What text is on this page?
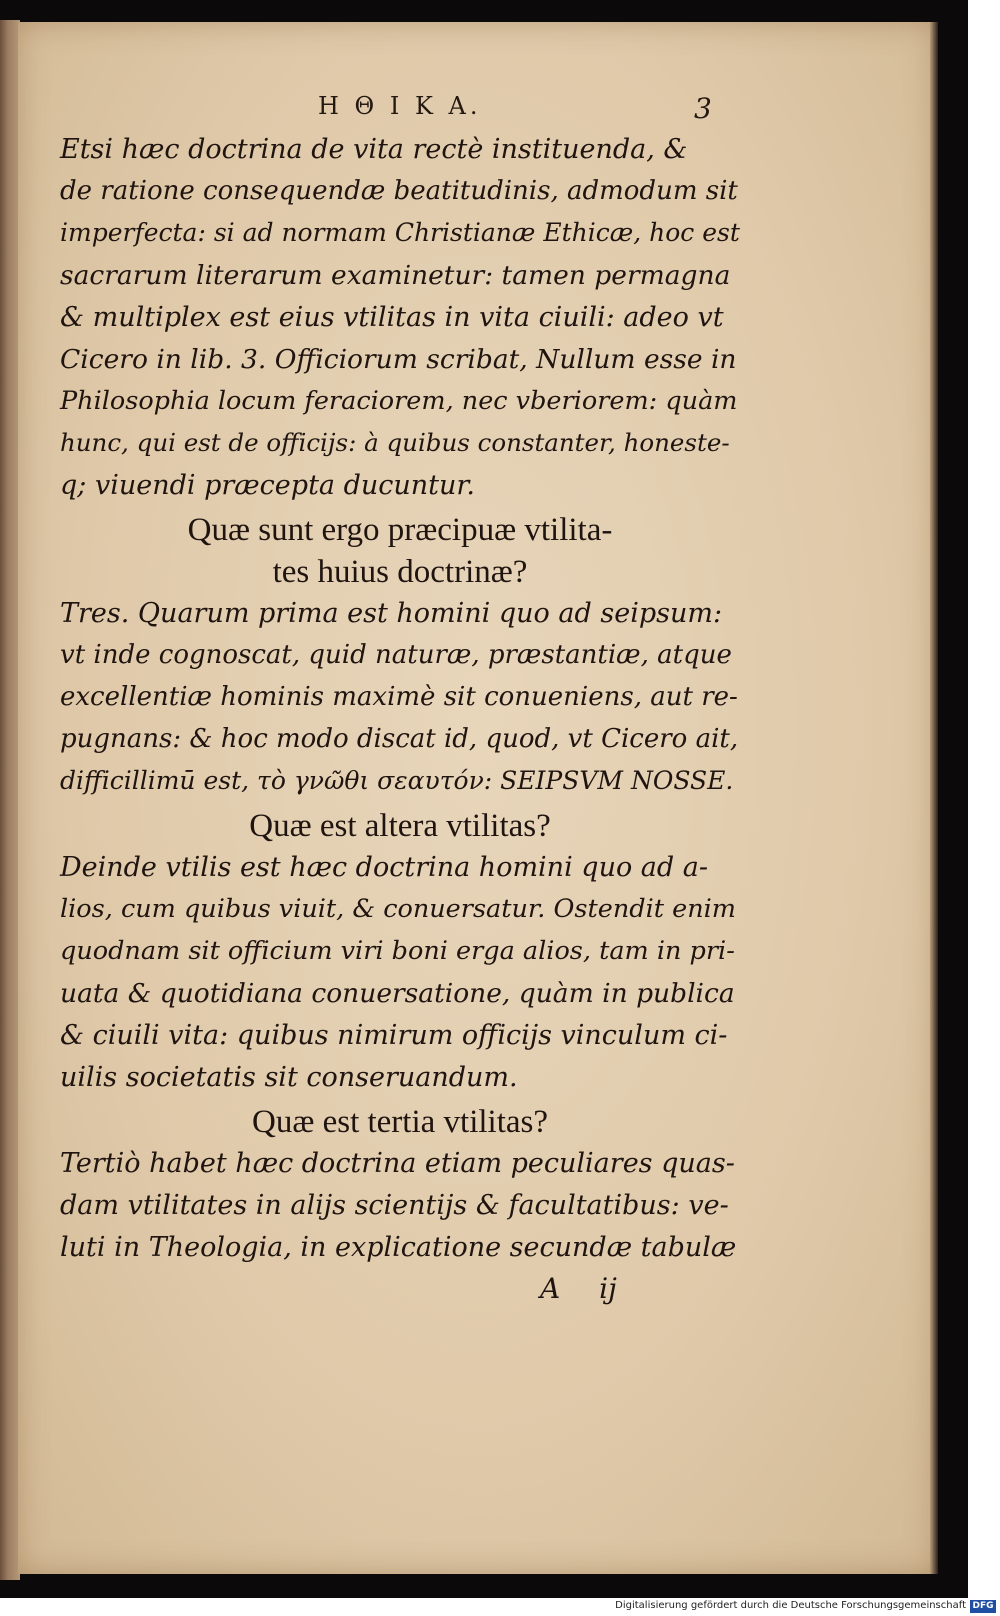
Η Θ Ι Κ Α.	3
Etsi hæc doctrina de vita rectè instituenda, &
de ratione consequendæ beatitudinis, admodum sit
imperfecta: si ad normam Christianæ Ethicæ, hoc est
sacrarum literarum examinetur: tamen permagna
& multiplex est eius vtilitas in vita ciuili: adeo vt
Cicero in lib. 3. Officiorum scribat, Nullum esse in
Philosophia locum feraciorem, nec vberiorem: quàm
hunc, qui est de officijs: à quibus constanter, honeste-
q; viuendi præcepta ducuntur.
Quæ sunt ergo præcipuæ vtilita-
tes huius doctrinæ?
Tres. Quarum prima est homini quo ad seipsum:
vt inde cognoscat, quid naturæ, præstantiæ, atque
excellentiæ hominis maximè sit conueniens, aut re-
pugnans: & hoc modo discat id, quod, vt Cicero ait,
difficillimū est, τὸ γνῶθι σεαυτόν: SEIPSVM NOSSE.
Quæ est altera vtilitas?
Deinde vtilis est hæc doctrina homini quo ad a-
lios, cum quibus viuit, & conuersatur. Ostendit enim
quodnam sit officium viri boni erga alios, tam in pri-
uata & quotidiana conuersatione, quàm in publica
& ciuili vita: quibus nimirum officijs vinculum ci-
uilis societatis sit conseruandum.
Quæ est tertia vtilitas?
Tertiò habet hæc doctrina etiam peculiares quas-
dam vtilitates in alijs scientijs & facultatibus: ve-
luti in Theologia, in explicatione secundæ tabulæ
A ij
Digitalisierung gefördert durch die Deutsche Forschungsgemeinschaft DFG
